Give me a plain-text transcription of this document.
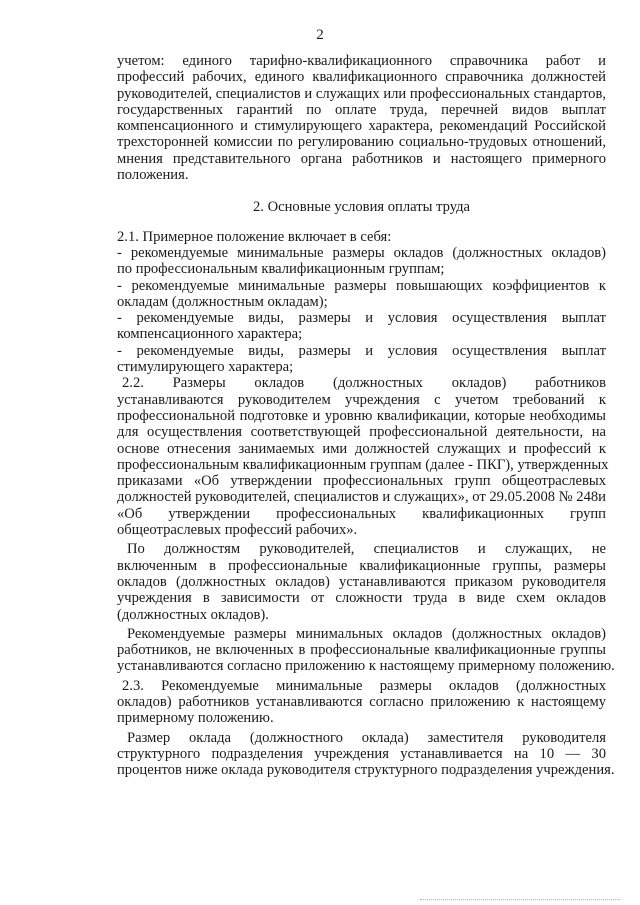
2
учетом: единого тарифно-квалификационного справочника работ и
профессий рабочих, единого квалификационного справочника должностей
руководителей, специалистов и служащих или профессиональных стандартов,
государственных гарантий по оплате труда, перечней видов выплат
компенсационного и стимулирующего характера, рекомендаций Российской
трехсторонней комиссии по регулированию социально-трудовых отношений,
мнения представительного органа работников и настоящего примерного
положения.

2. Основные условия оплаты труда

2.1. Примерное положение включает в себя:
- рекомендуемые минимальные размеры окладов (должностных окладов)
по профессиональным квалификационным группам;
- рекомендуемые минимальные размеры повышающих коэффициентов к
окладам (должностным окладам);
- рекомендуемые виды, размеры и условия осуществления выплат
компенсационного характера;
- рекомендуемые виды, размеры и условия осуществления выплат
стимулирующего характера;
2.2. Размеры окладов (должностных окладов) работников
устанавливаются руководителем учреждения с учетом требований к
профессиональной подготовке и уровню квалификации, которые необходимы
для осуществления соответствующей профессиональной деятельности, на
основе отнесения занимаемых ими должностей служащих и профессий к
профессиональным квалификационным группам (далее - ПКГ), утвержденных
приказами «Об утверждении профессиональных групп общеотраслевых
должностей руководителей, специалистов и служащих», от 29.05.2008 № 248и
«Об утверждении профессиональных квалификационных групп
общеотраслевых профессий рабочих».
По должностям руководителей, специалистов и служащих, не
включенным в профессиональные квалификационные группы, размеры
окладов (должностных окладов) устанавливаются приказом руководителя
учреждения в зависимости от сложности труда в виде схем окладов
(должностных окладов).
Рекомендуемые размеры минимальных окладов (должностных окладов)
работников, не включенных в профессиональные квалификационные группы
устанавливаются согласно приложению к настоящему примерному положению.
2.3. Рекомендуемые минимальные размеры окладов (должностных
окладов) работников устанавливаются согласно приложению к настоящему
примерному положению.
Размер оклада (должностного оклада) заместителя руководителя
структурного подразделения учреждения устанавливается на 10 — 30
процентов ниже оклада руководителя структурного подразделения учреждения.
